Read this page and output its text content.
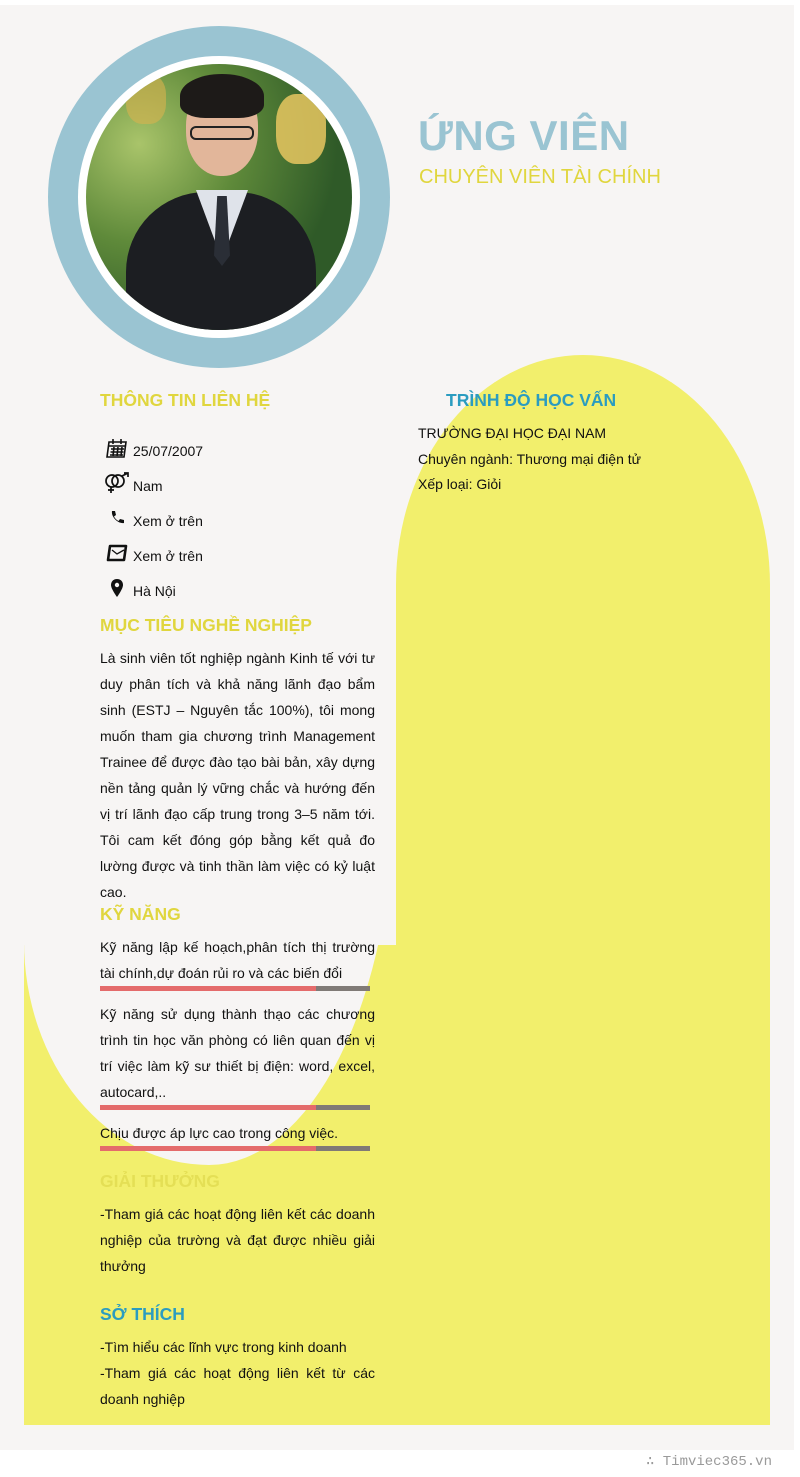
ỨNG VIÊN
CHUYÊN VIÊN TÀI CHÍNH
THÔNG TIN LIÊN HỆ
25/07/2007
Nam
Xem ở trên
Xem ở trên
Hà Nội
TRÌNH ĐỘ HỌC VẤN
TRƯỜNG ĐẠI HỌC ĐẠI NAM
Chuyên ngành: Thương mại điện tử
Xếp loại: Giỏi
MỤC TIÊU NGHỀ NGHIỆP
Là sinh viên tốt nghiệp ngành Kinh tế với tư duy phân tích và khả năng lãnh đạo bẩm sinh (ESTJ – Nguyên tắc 100%), tôi mong muốn tham gia chương trình Management Trainee để được đào tạo bài bản, xây dựng nền tảng quản lý vững chắc và hướng đến vị trí lãnh đạo cấp trung trong 3–5 năm tới. Tôi cam kết đóng góp bằng kết quả đo lường được và tinh thần làm việc có kỷ luật cao.
KỸ NĂNG
Kỹ năng lập kế hoạch,phân tích thị trường tài chính,dự đoán rủi ro và các biến đổi
Kỹ năng sử dụng thành thạo các chương trình tin học văn phòng có liên quan đến vị trí việc làm kỹ sư thiết bị điện: word, excel, autocard,..
Chịu được áp lực cao trong công việc.
GIẢI THƯỞNG
-Tham giá các hoạt động liên kết các doanh nghiệp của trường và đạt được nhiều giải thưởng
SỞ THÍCH
-Tìm hiểu các lĩnh vực trong kinh doanh
-Tham giá các hoạt động liên kết từ các doanh nghiệp
∴ Timviec365.vn
